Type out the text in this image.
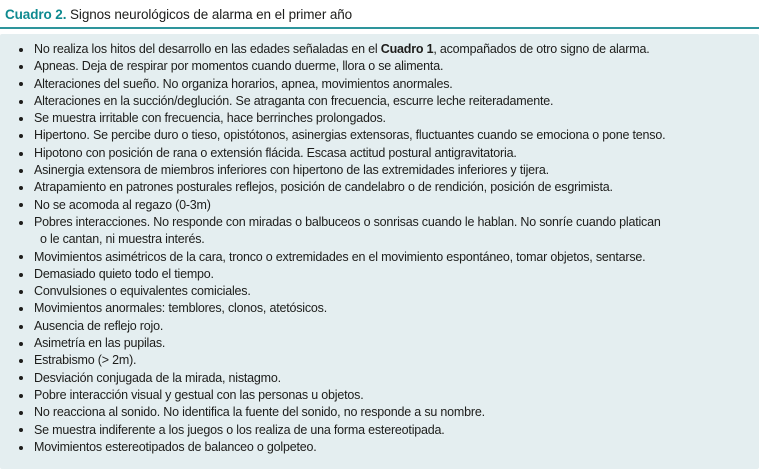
Cuadro 2. Signos neurológicos de alarma en el primer año
No realiza los hitos del desarrollo en las edades señaladas en el Cuadro 1, acompañados de otro signo de alarma.
Apneas. Deja de respirar por momentos cuando duerme, llora o se alimenta.
Alteraciones del sueño. No organiza horarios, apnea, movimientos anormales.
Alteraciones en la succión/deglución. Se atraganta con frecuencia, escurre leche reiteradamente.
Se muestra irritable con frecuencia, hace berrinches prolongados.
Hipertono. Se percibe duro o tieso, opistótonos, asinergias extensoras, fluctuantes cuando se emociona o pone tenso.
Hipotono con posición de rana o extensión flácida. Escasa actitud postural antigravitatoria.
Asinergia extensora de miembros inferiores con hipertono de las extremidades inferiores y tijera.
Atrapamiento en patrones posturales reflejos, posición de candelabro o de rendición, posición de esgrimista.
No se acomoda al regazo (0-3m)
Pobres interacciones. No responde con miradas o balbuceos o sonrisas cuando le hablan. No sonríe cuando platican
o le cantan, ni muestra interés.
Movimientos asimétricos de la cara, tronco o extremidades en el movimiento espontáneo, tomar objetos, sentarse.
Demasiado quieto todo el tiempo.
Convulsiones o equivalentes comiciales.
Movimientos anormales: temblores, clonos, atetósicos.
Ausencia de reflejo rojo.
Asimetría en las pupilas.
Estrabismo (> 2m).
Desviación conjugada de la mirada, nistagmo.
Pobre interacción visual y gestual con las personas u objetos.
No reacciona al sonido. No identifica la fuente del sonido, no responde a su nombre.
Se muestra indiferente a los juegos o los realiza de una forma estereotipada.
Movimientos estereotipados de balanceo o golpeteo.
